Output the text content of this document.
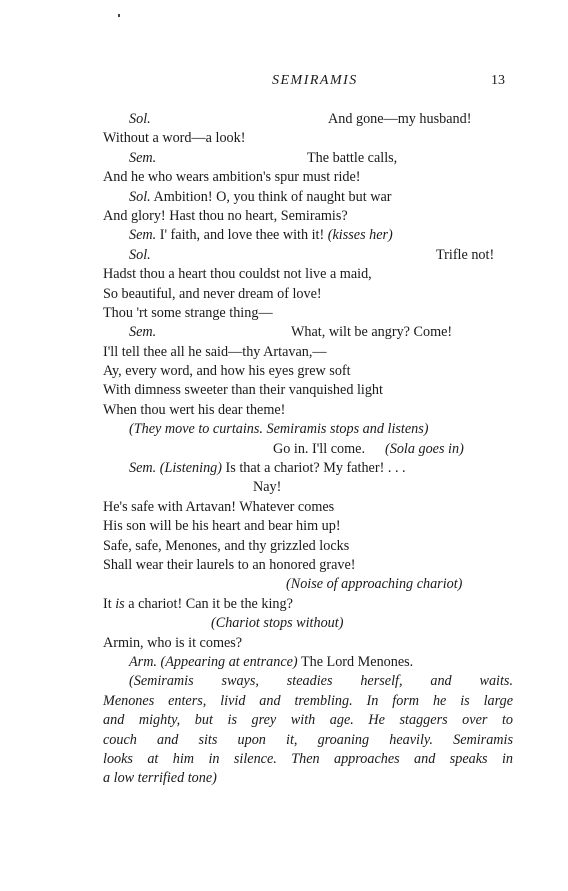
SEMIRAMIS	13
Sol.	And gone—my husband!
Without a word—a look!
Sem.	The battle calls,
And he who wears ambition's spur must ride!
Sol. Ambition! O, you think of naught but war
And glory! Hast thou no heart, Semiramis?
Sem. I' faith, and love thee with it! (kisses her)
Sol.	Trifle not!
Hadst thou a heart thou couldst not live a maid,
So beautiful, and never dream of love!
Thou 'rt some strange thing—
Sem.	What, wilt be angry? Come!
I'll tell thee all he said—thy Artavan,—
Ay, every word, and how his eyes grew soft
With dimness sweeter than their vanquished light
When thou wert his dear theme!
(They move to curtains. Semiramis stops and listens)
Go in. I'll come. (Sola goes in)
Sem. (Listening) Is that a chariot? My father! . . .
Nay!
He's safe with Artavan! Whatever comes
His son will be his heart and bear him up!
Safe, safe, Menones, and thy grizzled locks
Shall wear their laurels to an honored grave!
(Noise of approaching chariot)
It is a chariot! Can it be the king?
(Chariot stops without)
Armin, who is it comes?
Arm. (Appearing at entrance) The Lord Menones.
(Semiramis sways, steadies herself, and waits.
Menones enters, livid and trembling. In form he is large
and mighty, but is grey with age. He staggers over to
couch and sits upon it, groaning heavily. Semiramis
looks at him in silence. Then approaches and speaks in
a low terrified tone)
